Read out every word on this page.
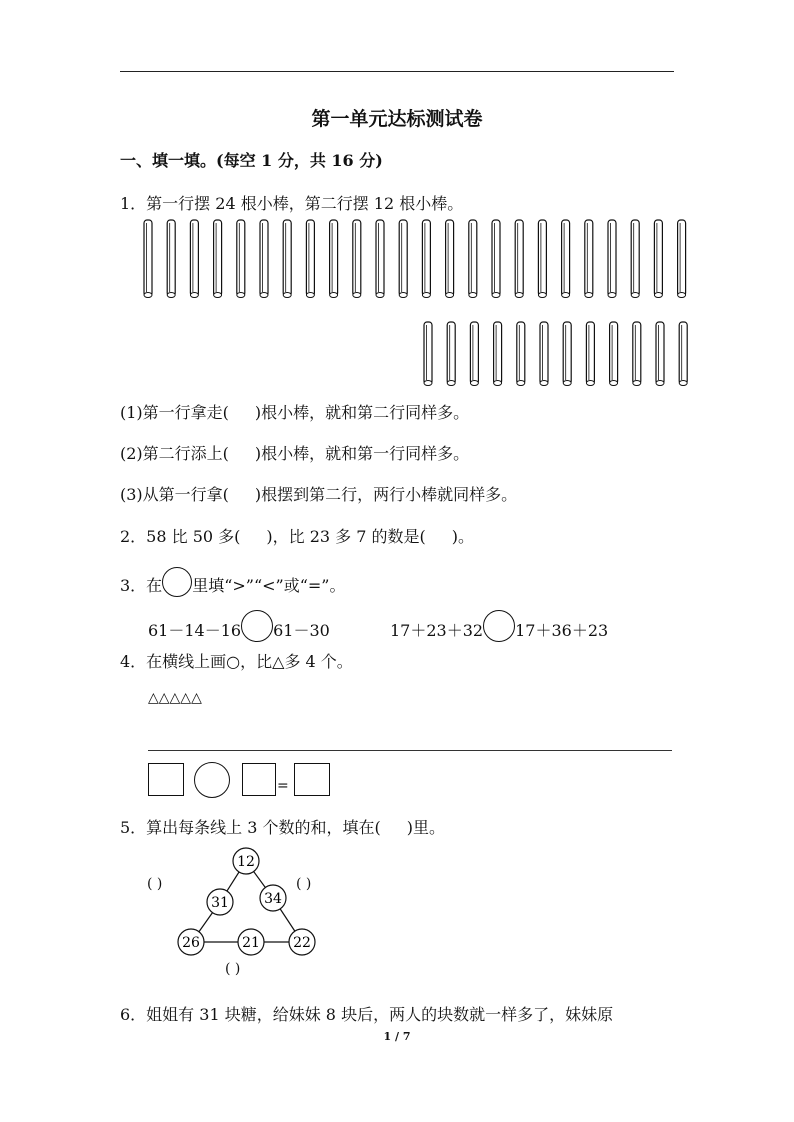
第一单元达标测试卷
一、填一填。(每空 1 分，共 16 分)
1．第一行摆 24 根小棒，第二行摆 12 根小棒。
(1)第一行拿走( )根小棒，就和第二行同样多。
(2)第二行添上( )根小棒，就和第一行同样多。
(3)从第一行拿( )根摆到第二行，两行小棒就同样多。
2．58 比 50 多( )，比 23 多 7 的数是( )。
3．在 里填“>”“<”或“=”。
61－14－16 61－30	17＋23＋32 17＋36＋23
4．在横线上画○，比△多 4 个。
△△△△△
=
5．算出每条线上 3 个数的和，填在( )里。
( )	( )
( )
12
31	34
26	21 22
6．姐姐有 31 块糖，给妹妹 8 块后，两人的块数就一样多了，妹妹原
1 / 7
